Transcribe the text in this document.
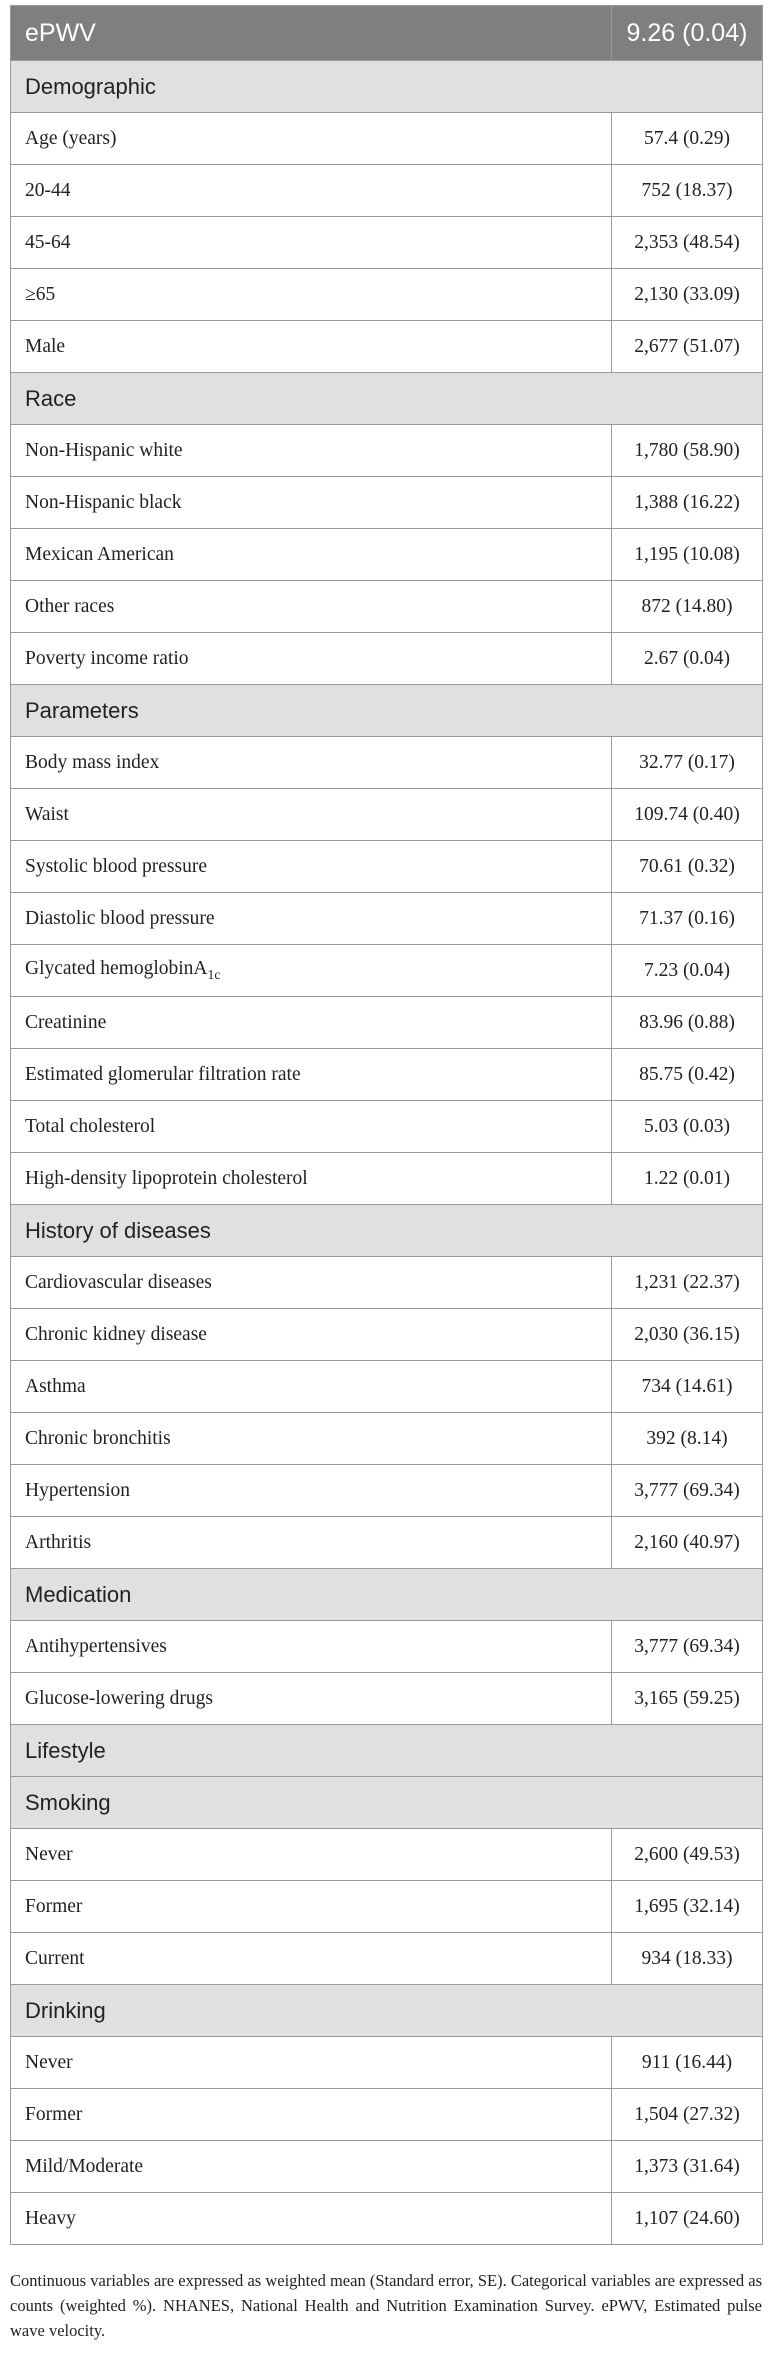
ePWV	9.26 (0.04)
Demographic	
Age (years)	57.4 (0.29)
20-44	752 (18.37)
45-64	2,353 (48.54)
≥65	2,130 (33.09)
Male	2,677 (51.07)
Race	
Non-Hispanic white	1,780 (58.90)
Non-Hispanic black	1,388 (16.22)
Mexican American	1,195 (10.08)
Other races	872 (14.80)
Poverty income ratio	2.67 (0.04)
Parameters	
Body mass index	32.77 (0.17)
Waist	109.74 (0.40)
Systolic blood pressure	70.61 (0.32)
Diastolic blood pressure	71.37 (0.16)
Glycated hemoglobinA$_{1c}$	7.23 (0.04)
Creatinine	83.96 (0.88)
Estimated glomerular filtration rate	85.75 (0.42)
Total cholesterol	5.03 (0.03)
High-density lipoprotein cholesterol	1.22 (0.01)
History of diseases	
Cardiovascular diseases	1,231 (22.37)
Chronic kidney disease	2,030 (36.15)
Asthma	734 (14.61)
Chronic bronchitis	392 (8.14)
Hypertension	3,777 (69.34)
Arthritis	2,160 (40.97)
Medication	
Antihypertensives	3,777 (69.34)
Glucose-lowering drugs	3,165 (59.25)
Lifestyle	
Smoking	
Never	2,600 (49.53)
Former	1,695 (32.14)
Current	934 (18.33)
Drinking	
Never	911 (16.44)
Former	1,504 (27.32)
Mild/Moderate	1,373 (31.64)
Heavy	1,107 (24.60)
Continuous variables are expressed as weighted mean (Standard error, SE). Categorical variables are expressed as counts (weighted %). NHANES, National Health and Nutrition Examination Survey. ePWV, Estimated pulse wave velocity.
